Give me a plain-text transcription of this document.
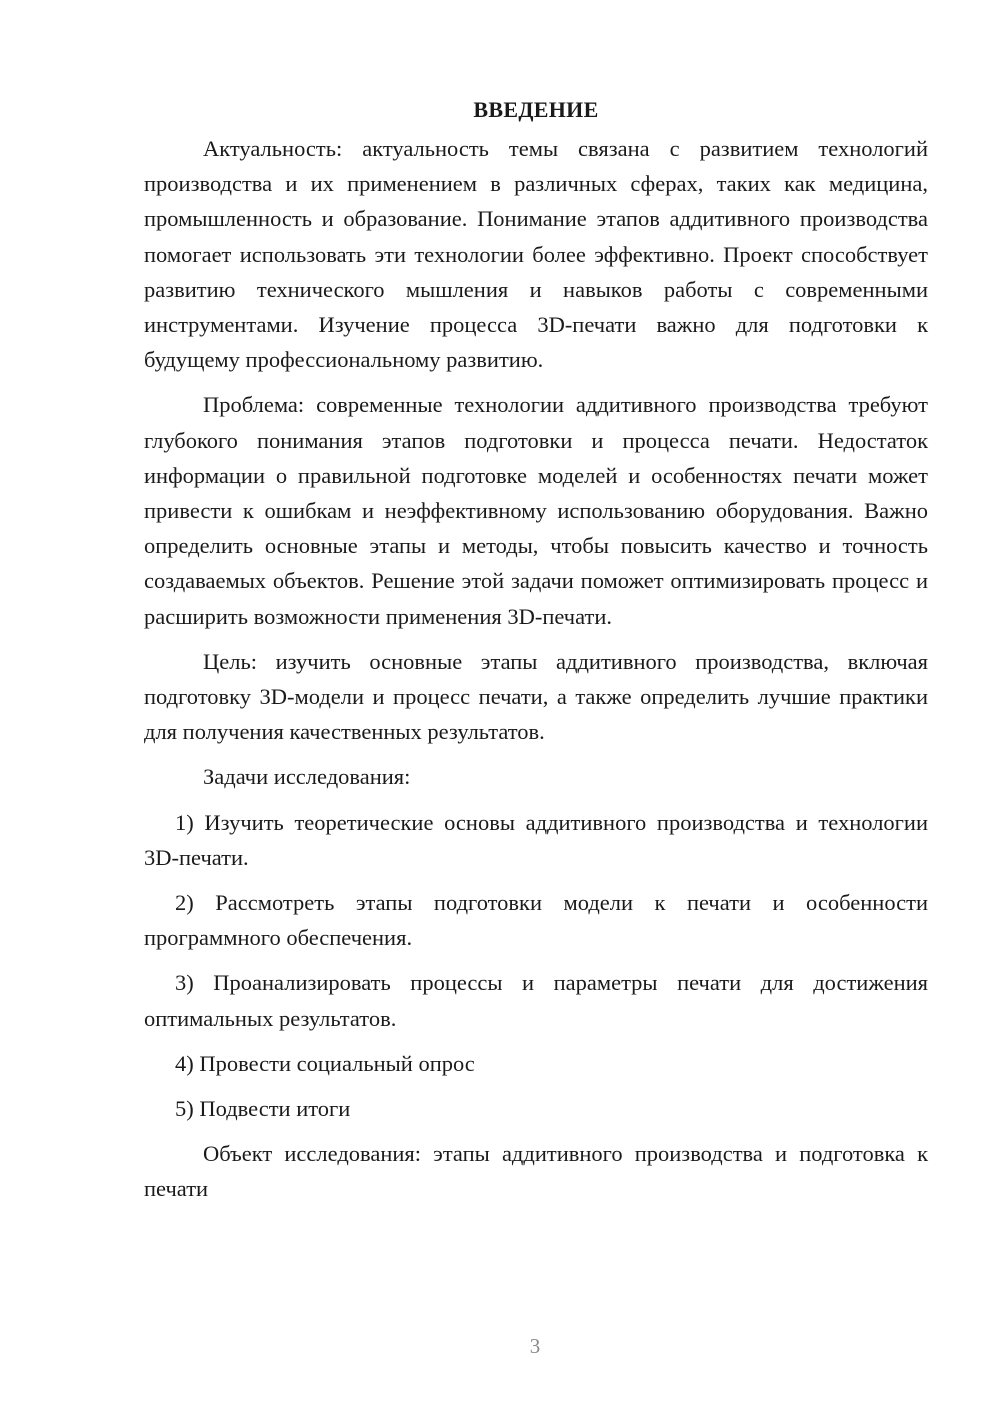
ВВЕДЕНИЕ

Актуальность: актуальность темы связана с развитием технологий производства и их применением в различных сферах, таких как медицина, промышленность и образование. Понимание этапов аддитивного производства помогает использовать эти технологии более эффективно. Проект способствует развитию технического мышления и навыков работы с современными инструментами. Изучение процесса 3D-печати важно для подготовки к будущему профессиональному развитию.

Проблема: современные технологии аддитивного производства требуют глубокого понимания этапов подготовки и процесса печати. Недостаток информации о правильной подготовке моделей и особенностях печати может привести к ошибкам и неэффективному использованию оборудования. Важно определить основные этапы и методы, чтобы повысить качество и точность создаваемых объектов. Решение этой задачи поможет оптимизировать процесс и расширить возможности применения 3D-печати.

Цель: изучить основные этапы аддитивного производства, включая подготовку 3D-модели и процесс печати, а также определить лучшие практики для получения качественных результатов.

Задачи исследования:

1) Изучить теоретические основы аддитивного производства и технологии 3D-печати.

2) Рассмотреть этапы подготовки модели к печати и особенности программного обеспечения.

3) Проанализировать процессы и параметры печати для достижения оптимальных результатов.

4) Провести социальный опрос

5) Подвести итоги

Объект исследования: этапы аддитивного производства и подготовка к печати

3
